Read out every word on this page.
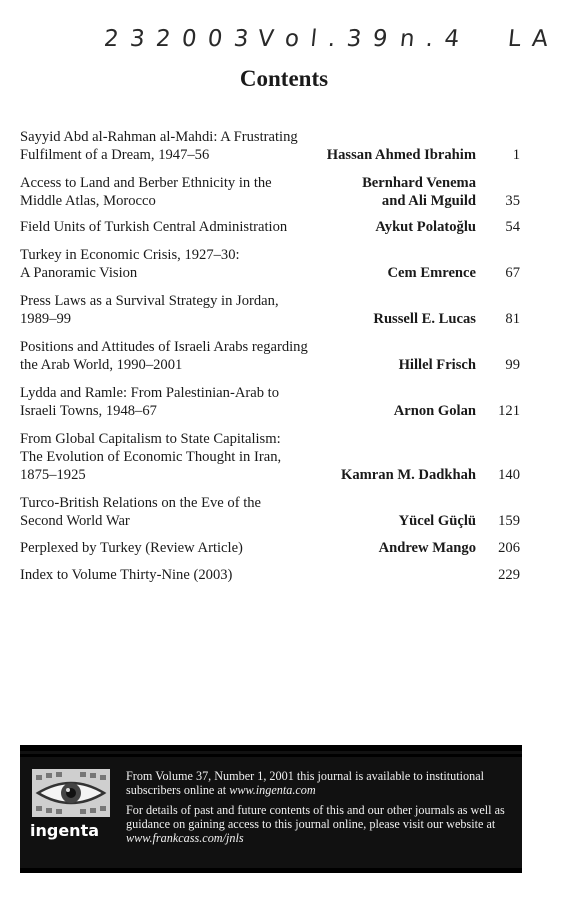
2 3 2 0 0 3 V o l . 3 9 n . 4 L A
Contents
Sayyid Abd al-Rahman al-Mahdi: A Frustrating
Fulfilment of a Dream, 1947–56	Hassan Ahmed Ibrahim	1
Access to Land and Berber Ethnicity in the
Middle Atlas, Morocco
Bernhard Venema
and Ali Mguild	35
Field Units of Turkish Central Administration	Aykut Polatoğlu	54
Turkey in Economic Crisis, 1927–30:
A Panoramic Vision	Cem Emrence	67
Press Laws as a Survival Strategy in Jordan,
1989–99	Russell E. Lucas	81
Positions and Attitudes of Israeli Arabs regarding
the Arab World, 1990–2001	Hillel Frisch	99
Lydda and Ramle: From Palestinian-Arab to
Israeli Towns, 1948–67	Arnon Golan	121
From Global Capitalism to State Capitalism:
The Evolution of Economic Thought in Iran,
1875–1925	Kamran M. Dadkhah	140
Turco-British Relations on the Eve of the
Second World War	Yücel Güçlü	159
Perplexed by Turkey (Review Article)	Andrew Mango	206
Index to Volume Thirty-Nine (2003)	229
ingenta
From Volume 37, Number 1, 2001 this journal is available to institutional subscribers online at www.ingenta.com
For details of past and future contents of this and our other journals as well as guidance on gaining access to this journal online, please visit our website at www.frankcass.com/jnls
